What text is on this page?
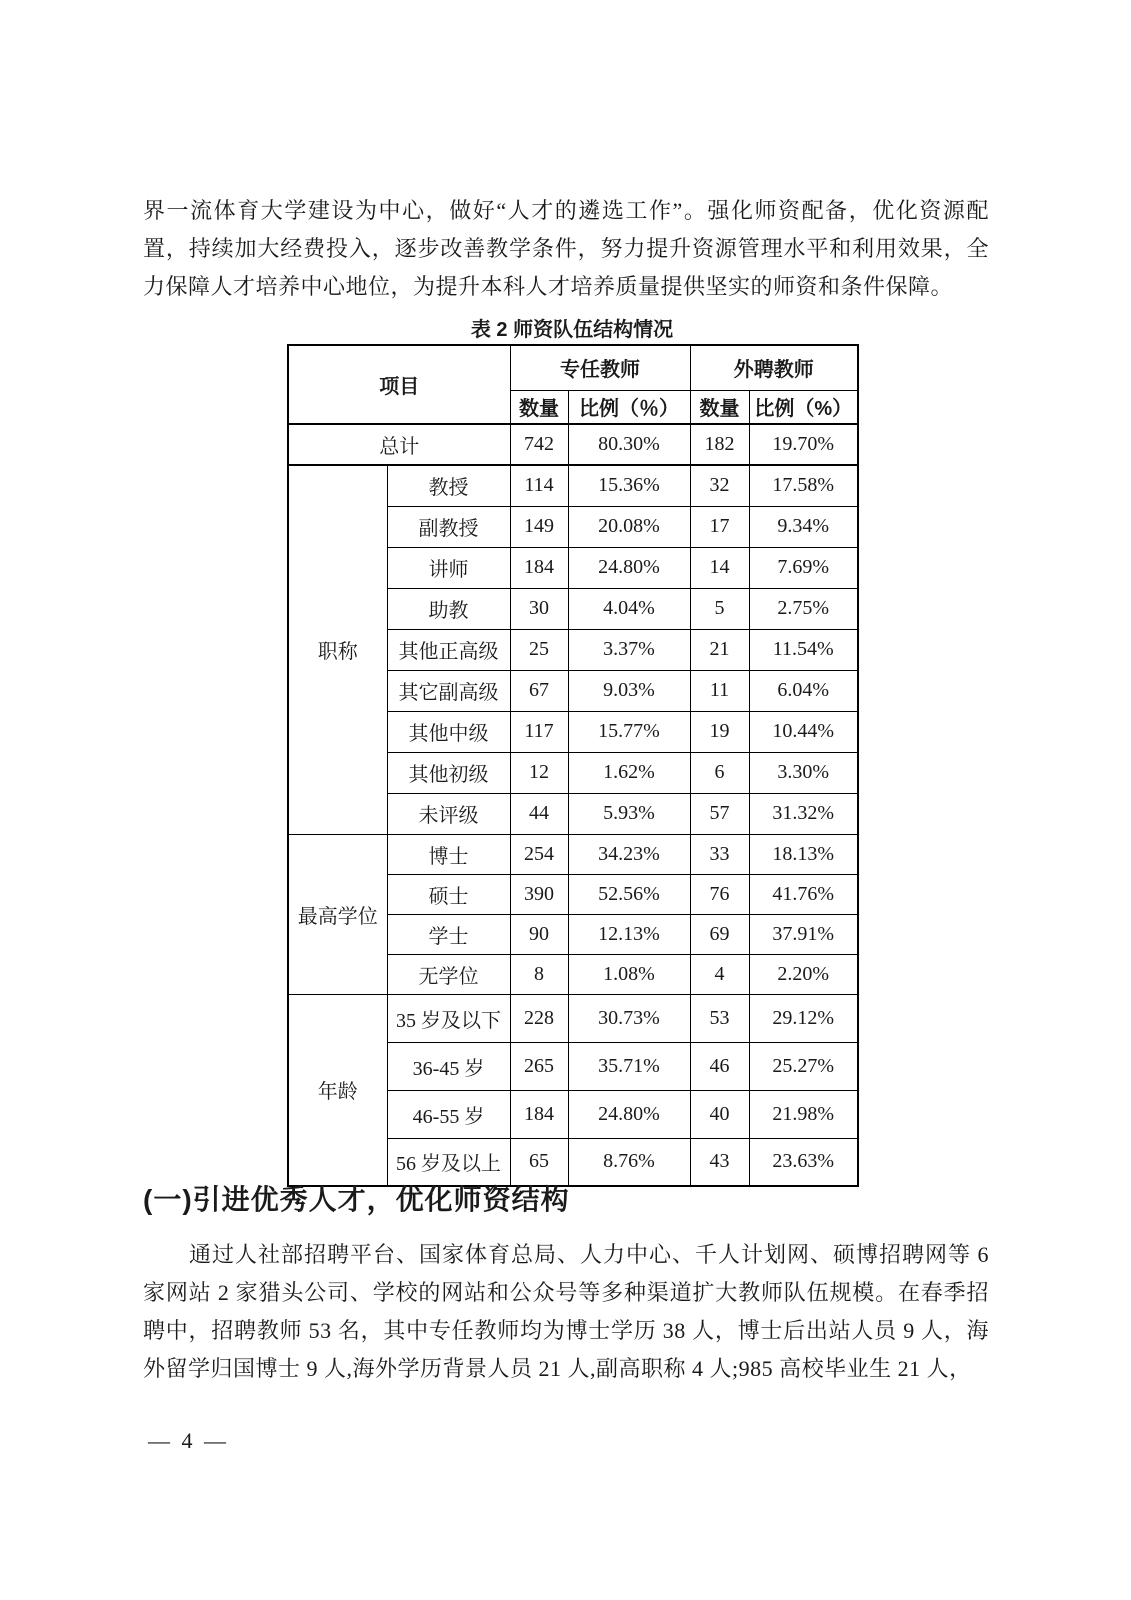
界一流体育大学建设为中心，做好“人才的遴选工作”。强化师资配备，优化资源配置，持续加大经费投入，逐步改善教学条件，努力提升资源管理水平和利用效果，全力保障人才培养中心地位，为提升本科人才培养质量提供坚实的师资和条件保障。

表 2 师资队伍结构情况
项目		专任教师		外聘教师	
		数量	比例（％）	数量	比例（%）
总计		742	80.30%	182	19.70%
职称	教授	114	15.36%	32	17.58%
	副教授	149	20.08%	17	9.34%
	讲师	184	24.80%	14	7.69%
	助教	30	4.04%	5	2.75%
	其他正高级	25	3.37%	21	11.54%
	其它副高级	67	9.03%	11	6.04%
	其他中级	117	15.77%	19	10.44%
	其他初级	12	1.62%	6	3.30%
	未评级	44	5.93%	57	31.32%
最高学位	博士	254	34.23%	33	18.13%
	硕士	390	52.56%	76	41.76%
	学士	90	12.13%	69	37.91%
	无学位	8	1.08%	4	2.20%
年龄	35 岁及以下	228	30.73%	53	29.12%
	36-45 岁	265	35.71%	46	25.27%
	46-55 岁	184	24.80%	40	21.98%
	56 岁及以上	65	8.76%	43	23.63%
(一)引进优秀人才，优化师资结构

通过人社部招聘平台、国家体育总局、人力中心、千人计划网、硕博招聘网等 6 家网站 2 家猎头公司、学校的网站和公众号等多种渠道扩大教师队伍规模。在春季招聘中，招聘教师 53 名，其中专任教师均为博士学历 38 人，博士后出站人员 9 人，海外留学归国博士 9 人,海外学历背景人员 21 人,副高职称 4 人;985 高校毕业生 21 人，

— 4 —
